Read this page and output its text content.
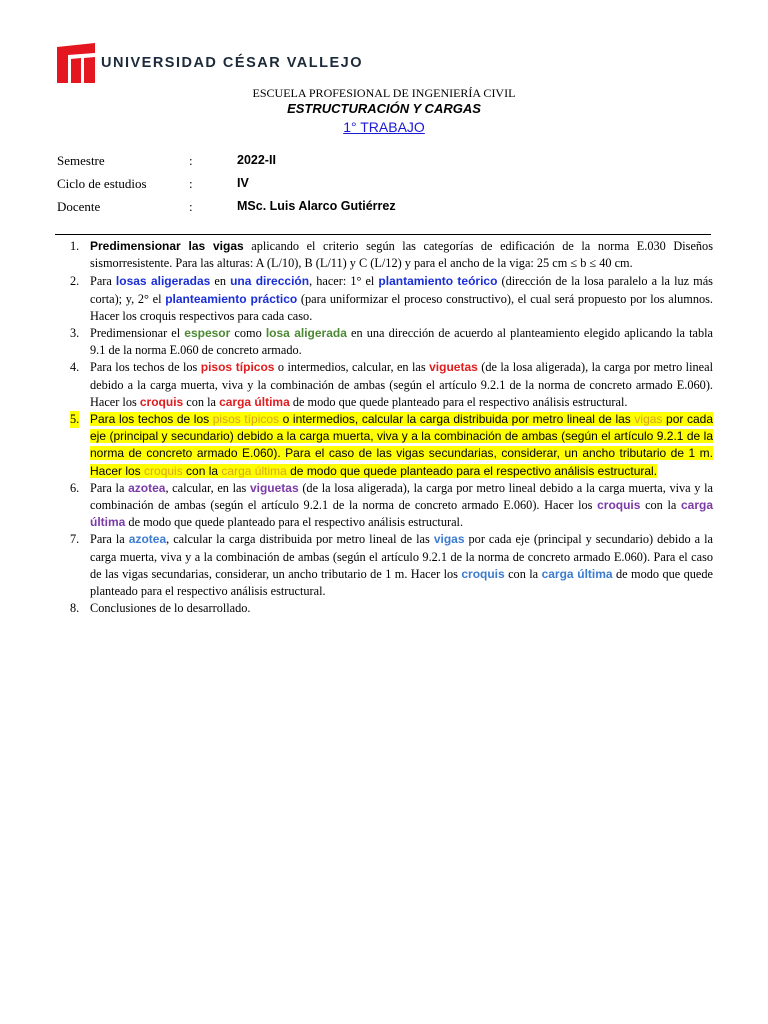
UNIVERSIDAD CÉSAR VALLEJO
ESCUELA PROFESIONAL DE INGENIERÍA CIVIL
ESTRUCTURACIÓN Y CARGAS
1° TRABAJO
Semestre	:	2022-II
Ciclo de estudios	:	IV
Docente	:	MSc. Luis Alarco Gutiérrez
1. Predimensionar las vigas aplicando el criterio según las categorías de edificación de la norma E.030 Diseños sismorresistente. Para las alturas: A (L/10), B (L/11) y C (L/12) y para el ancho de la viga: 25 cm ≤ b ≤ 40 cm.
2. Para losas aligeradas en una dirección, hacer: 1° el plantamiento teórico (dirección de la losa paralelo a la luz más corta); y, 2° el planteamiento práctico (para uniformizar el proceso constructivo), el cual será propuesto por los alumnos. Hacer los croquis respectivos para cada caso.
3. Predimensionar el espesor como losa aligerada en una dirección de acuerdo al planteamiento elegido aplicando la tabla 9.1 de la norma E.060 de concreto armado.
4. Para los techos de los pisos típicos o intermedios, calcular, en las viguetas (de la losa aligerada), la carga por metro lineal debido a la carga muerta, viva y la combinación de ambas (según el artículo 9.2.1 de la norma de concreto armado E.060). Hacer los croquis con la carga última de modo que quede planteado para el respectivo análisis estructural.
5. Para los techos de los pisos típicos o intermedios, calcular la carga distribuida por metro lineal de las vigas por cada eje (principal y secundario) debido a la carga muerta, viva y a la combinación de ambas (según el artículo 9.2.1 de la norma de concreto armado E.060). Para el caso de las vigas secundarias, considerar, un ancho tributario de 1 m. Hacer los croquis con la carga última de modo que quede planteado para el respectivo análisis estructural.
6. Para la azotea, calcular, en las viguetas (de la losa aligerada), la carga por metro lineal debido a la carga muerta, viva y la combinación de ambas (según el artículo 9.2.1 de la norma de concreto armado E.060). Hacer los croquis con la carga última de modo que quede planteado para el respectivo análisis estructural.
7. Para la azotea, calcular la carga distribuida por metro lineal de las vigas por cada eje (principal y secundario) debido a la carga muerta, viva y a la combinación de ambas (según el artículo 9.2.1 de la norma de concreto armado E.060). Para el caso de las vigas secundarias, considerar, un ancho tributario de 1 m. Hacer los croquis con la carga última de modo que quede planteado para el respectivo análisis estructural.
8. Conclusiones de lo desarrollado.
